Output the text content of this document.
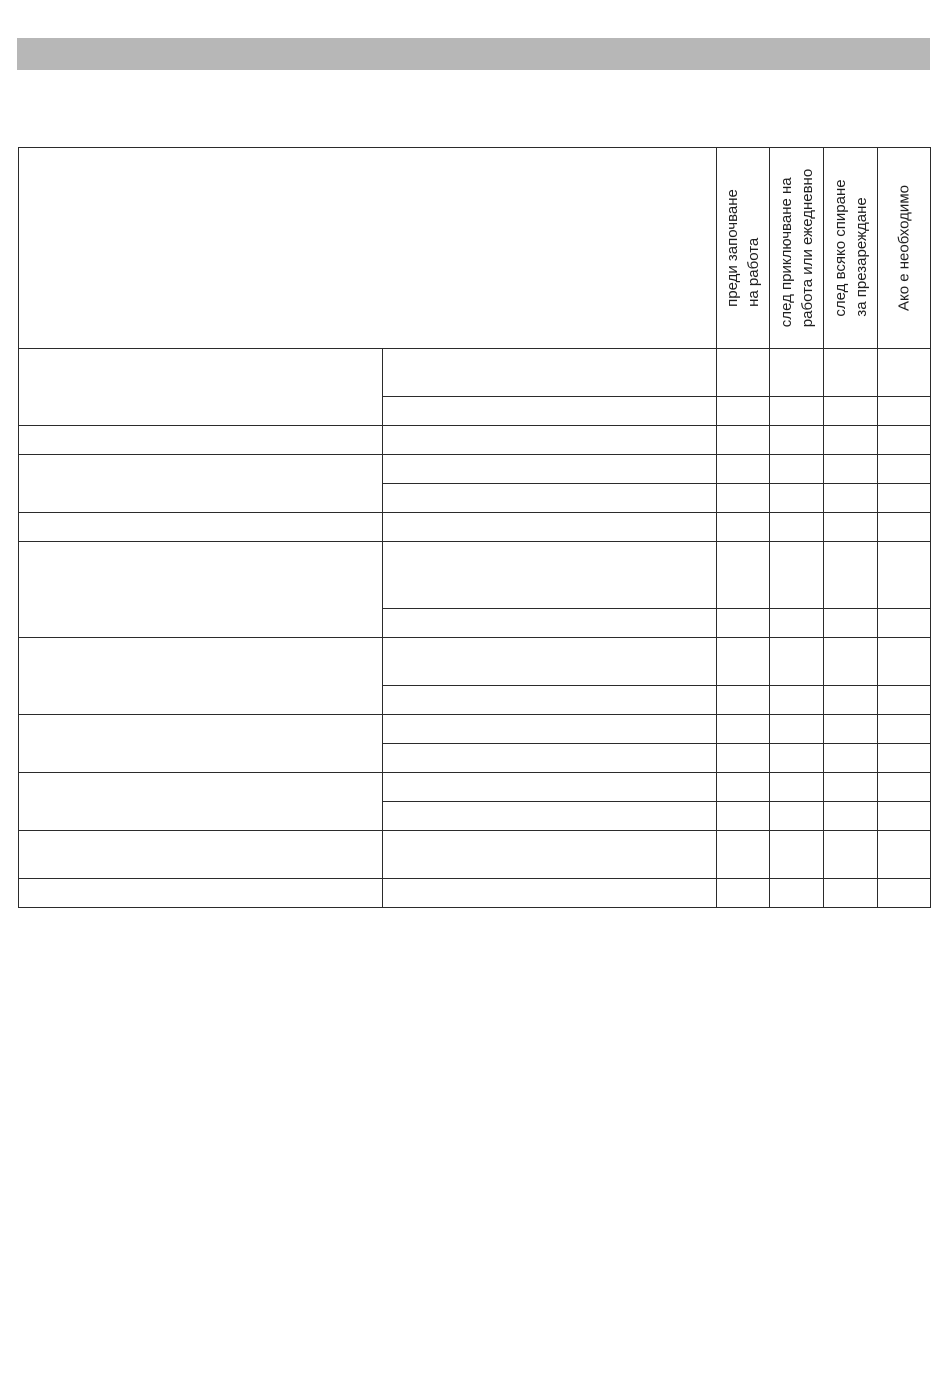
преди започване
на работа
след приключване на
работа или ежедневно
след всяко спиране
за презареждане Ако е необходимо
